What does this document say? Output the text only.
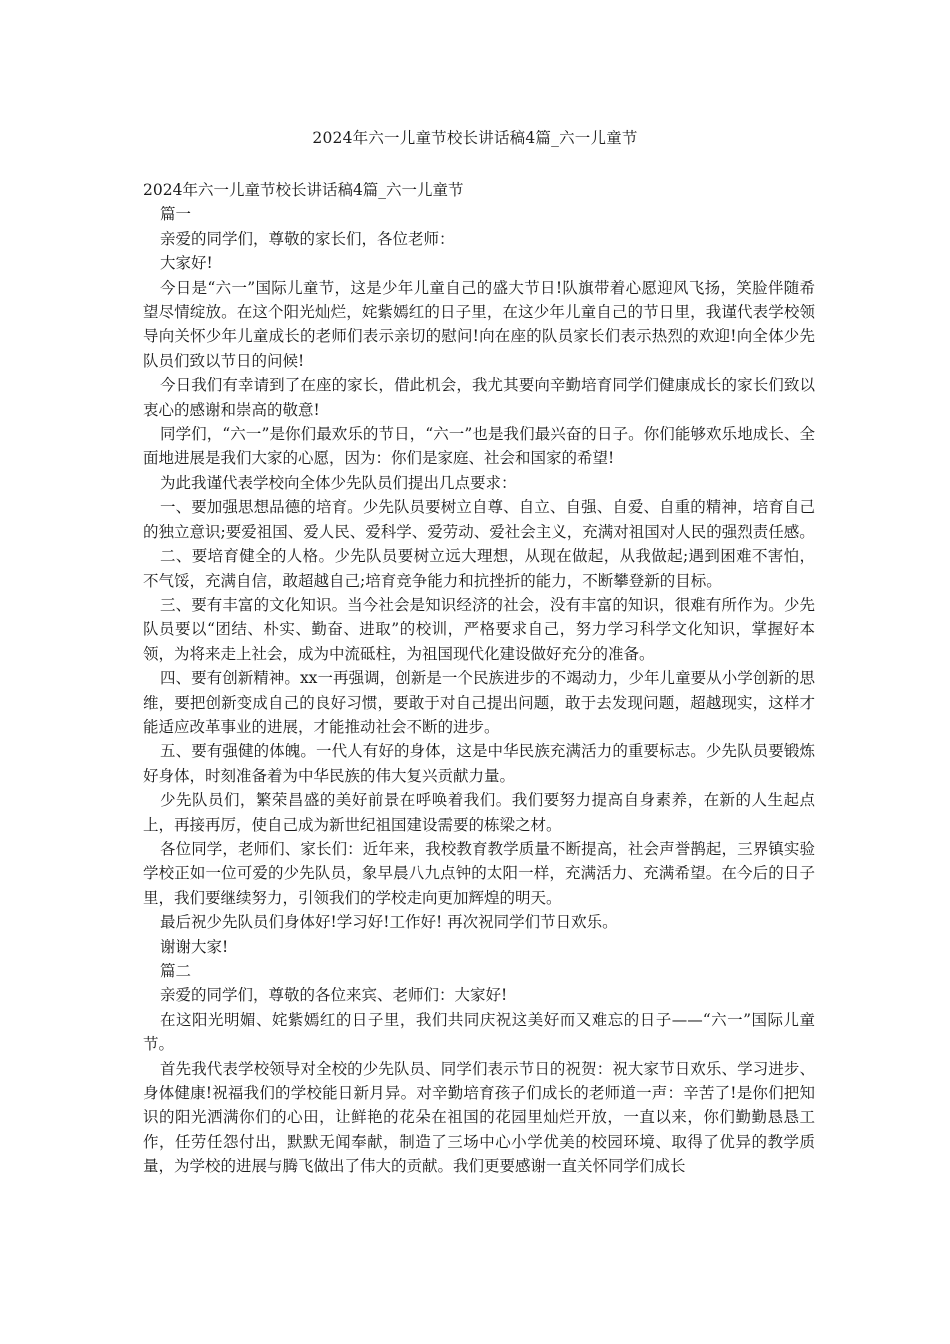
2024年六一儿童节校长讲话稿4篇_六一儿童节

2024年六一儿童节校长讲话稿4篇_六一儿童节

篇一

亲爱的同学们，尊敬的家长们，各位老师：

大家好!

今日是“六一”国际儿童节，这是少年儿童自己的盛大节日!队旗带着心愿迎风飞扬，笑脸伴随希望尽情绽放。在这个阳光灿烂，姹紫嫣红的日子里，在这少年儿童自己的节日里，我谨代表学校领导向关怀少年儿童成长的老师们表示亲切的慰问!向在座的队员家长们表示热烈的欢迎!向全体少先队员们致以节日的问候!

今日我们有幸请到了在座的家长，借此机会，我尤其要向辛勤培育同学们健康成长的家长们致以衷心的感谢和崇高的敬意!

同学们，“六一”是你们最欢乐的节日，“六一”也是我们最兴奋的日子。你们能够欢乐地成长、全面地进展是我们大家的心愿，因为：你们是家庭、社会和国家的希望!

为此我谨代表学校向全体少先队员们提出几点要求：

一、要加强思想品德的培育。少先队员要树立自尊、自立、自强、自爱、自重的精神，培育自己的独立意识;要爱祖国、爱人民、爱科学、爱劳动、爱社会主义，充满对祖国对人民的强烈责任感。

二、要培育健全的人格。少先队员要树立远大理想，从现在做起，从我做起;遇到困难不害怕，不气馁，充满自信，敢超越自己;培育竞争能力和抗挫折的能力，不断攀登新的目标。

三、要有丰富的文化知识。当今社会是知识经济的社会，没有丰富的知识，很难有所作为。少先队员要以“团结、朴实、勤奋、进取”的校训，严格要求自己，努力学习科学文化知识，掌握好本领，为将来走上社会，成为中流砥柱，为祖国现代化建设做好充分的准备。

四、要有创新精神。xx一再强调，创新是一个民族进步的不竭动力，少年儿童要从小学创新的思维，要把创新变成自己的良好习惯，要敢于对自己提出问题，敢于去发现问题，超越现实，这样才能适应改革事业的进展，才能推动社会不断的进步。

五、要有强健的体魄。一代人有好的身体，这是中华民族充满活力的重要标志。少先队员要锻炼好身体，时刻准备着为中华民族的伟大复兴贡献力量。

少先队员们，繁荣昌盛的美好前景在呼唤着我们。我们要努力提高自身素养，在新的人生起点上，再接再厉，使自己成为新世纪祖国建设需要的栋梁之材。

各位同学，老师们、家长们：近年来，我校教育教学质量不断提高，社会声誉鹊起，三界镇实验学校正如一位可爱的少先队员，象早晨八九点钟的太阳一样，充满活力、充满希望。在今后的日子里，我们要继续努力，引领我们的学校走向更加辉煌的明天。

最后祝少先队员们身体好!学习好!工作好! 再次祝同学们节日欢乐。

谢谢大家!

篇二

亲爱的同学们，尊敬的各位来宾、老师们：大家好!

在这阳光明媚、姹紫嫣红的日子里，我们共同庆祝这美好而又难忘的日子——“六一”国际儿童节。

首先我代表学校领导对全校的少先队员、同学们表示节日的祝贺：祝大家节日欢乐、学习进步、身体健康!祝福我们的学校能日新月异。对辛勤培育孩子们成长的老师道一声：辛苦了!是你们把知识的阳光洒满你们的心田，让鲜艳的花朵在祖国的花园里灿烂开放，一直以来，你们勤勤恳恳工作，任劳任怨付出，默默无闻奉献，制造了三场中心小学优美的校园环境、取得了优异的教学质量，为学校的进展与腾飞做出了伟大的贡献。我们更要感谢一直关怀同学们成长
